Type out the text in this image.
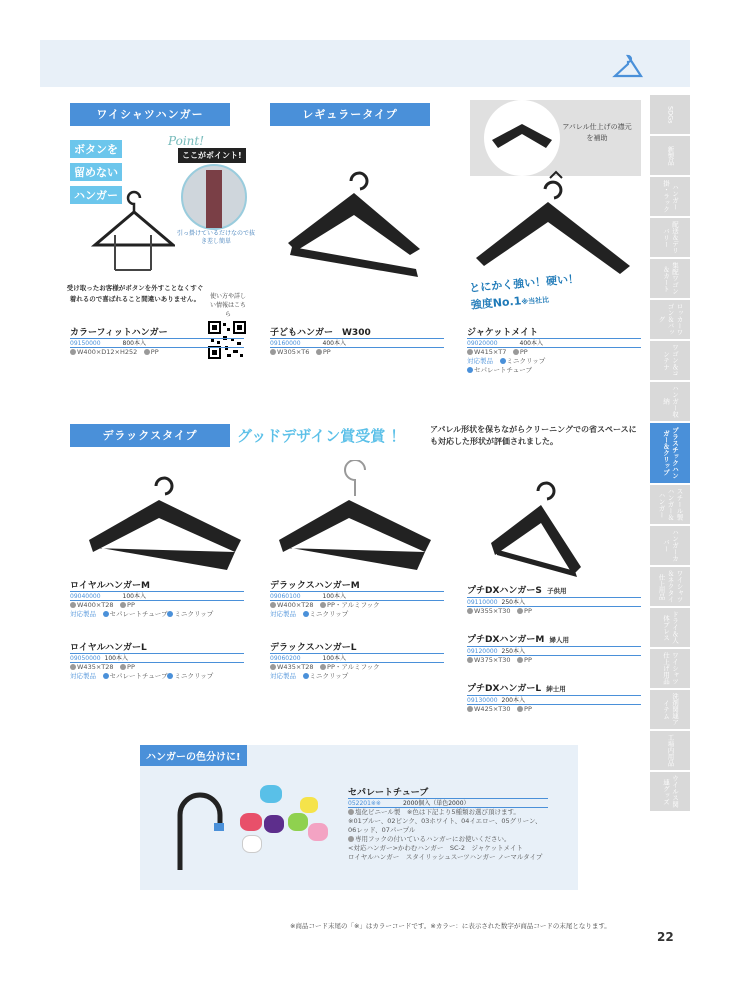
ワイシャツハンガー
ボタンを
留めない
ハンガー
Point!
ここがポイント!
引っ掛けているだけなので抜き差し簡単
受け取ったお客様がボタンを外すことなくすぐ着れるので喜ばれること間違いありません。	使い方や詳しい情報はこちら
レギュラータイプ
アパレル仕上げの襟元を補助
とにかく強い！硬い！
強度No.1※当社比
カラーフィットハンガー
09150000	800本入
W400×D12×H252　 PP
子どもハンガー　W300
09160000	400本入
W305×T6　 PP
ジャケットメイト
09020000	400本入
W415×T7　 PP
対応製品　 ミニクリップ
セパレートチューブ
デラックスタイプ	グッドデザイン賞受賞 ！	アパレル形状を保ちながらクリーニングでの省スペースにも対応した形状が評価されました。
ロイヤルハンガーM
09040000	100本入
W400×T28　 PP
対応製品　 セパレートチューブ ミニクリップ
ロイヤルハンガーL
09050000 100本入
W435×T28　 PP
対応製品　 セパレートチューブ ミニクリップ
デラックスハンガーM
09060100	100本入
W400×T28　 PP・アルミフック
対応製品　 ミニクリップ
デラックスハンガーL
09060200	100本入
W435×T28　 PP・アルミフック
対応製品　 ミニクリップ
プチDXハンガーS 子供用
09110000 250本入
W355×T30　 PP
プチDXハンガーM 婦人用
09120000 250本入
W375×T30　 PP
プチDXハンガーL 紳士用
09130000 200本入
W425×T30　 PP
ハンガーの色分けに!
セパレートチューブ
052201※※	2000個入（単色2000）
塩化ビニール製　※色は下記より5種類お選び頂けます。
※01ブルー、02ピンク、03ホワイト、04イエロー、05グリーン、06レッド、07パープル
専用フックの付いているハンガーにお使いください。
<対応ハンガー>かわむハンガー　SC-2　ジャケットメイト
ロイヤルハンガー　スタイリッシュスーツハンガー ノーマルタイプ
SDGs
新製品
ハンガー掛・ラック
配送＆デリバリー
集配ワゴン＆カート
ロッカーワゴン＆バッグ
ワゴン＆コンテナ
ハンガー収納
プラスチックハンガー＆クリップ
スチール製ハンガー＆ハンガー
ハンガーカバー
ワイシャツ＆ネクタイ仕上用品
ドライ＆人体プレス
ワイシャツ仕上げ用品
洗剤関連アイテム
工場内用品
ウイルス関連グッズ
※商品コード末尾の「※」はカラーコードです。※カラー：に表示された数字が商品コードの末尾となります。
22
